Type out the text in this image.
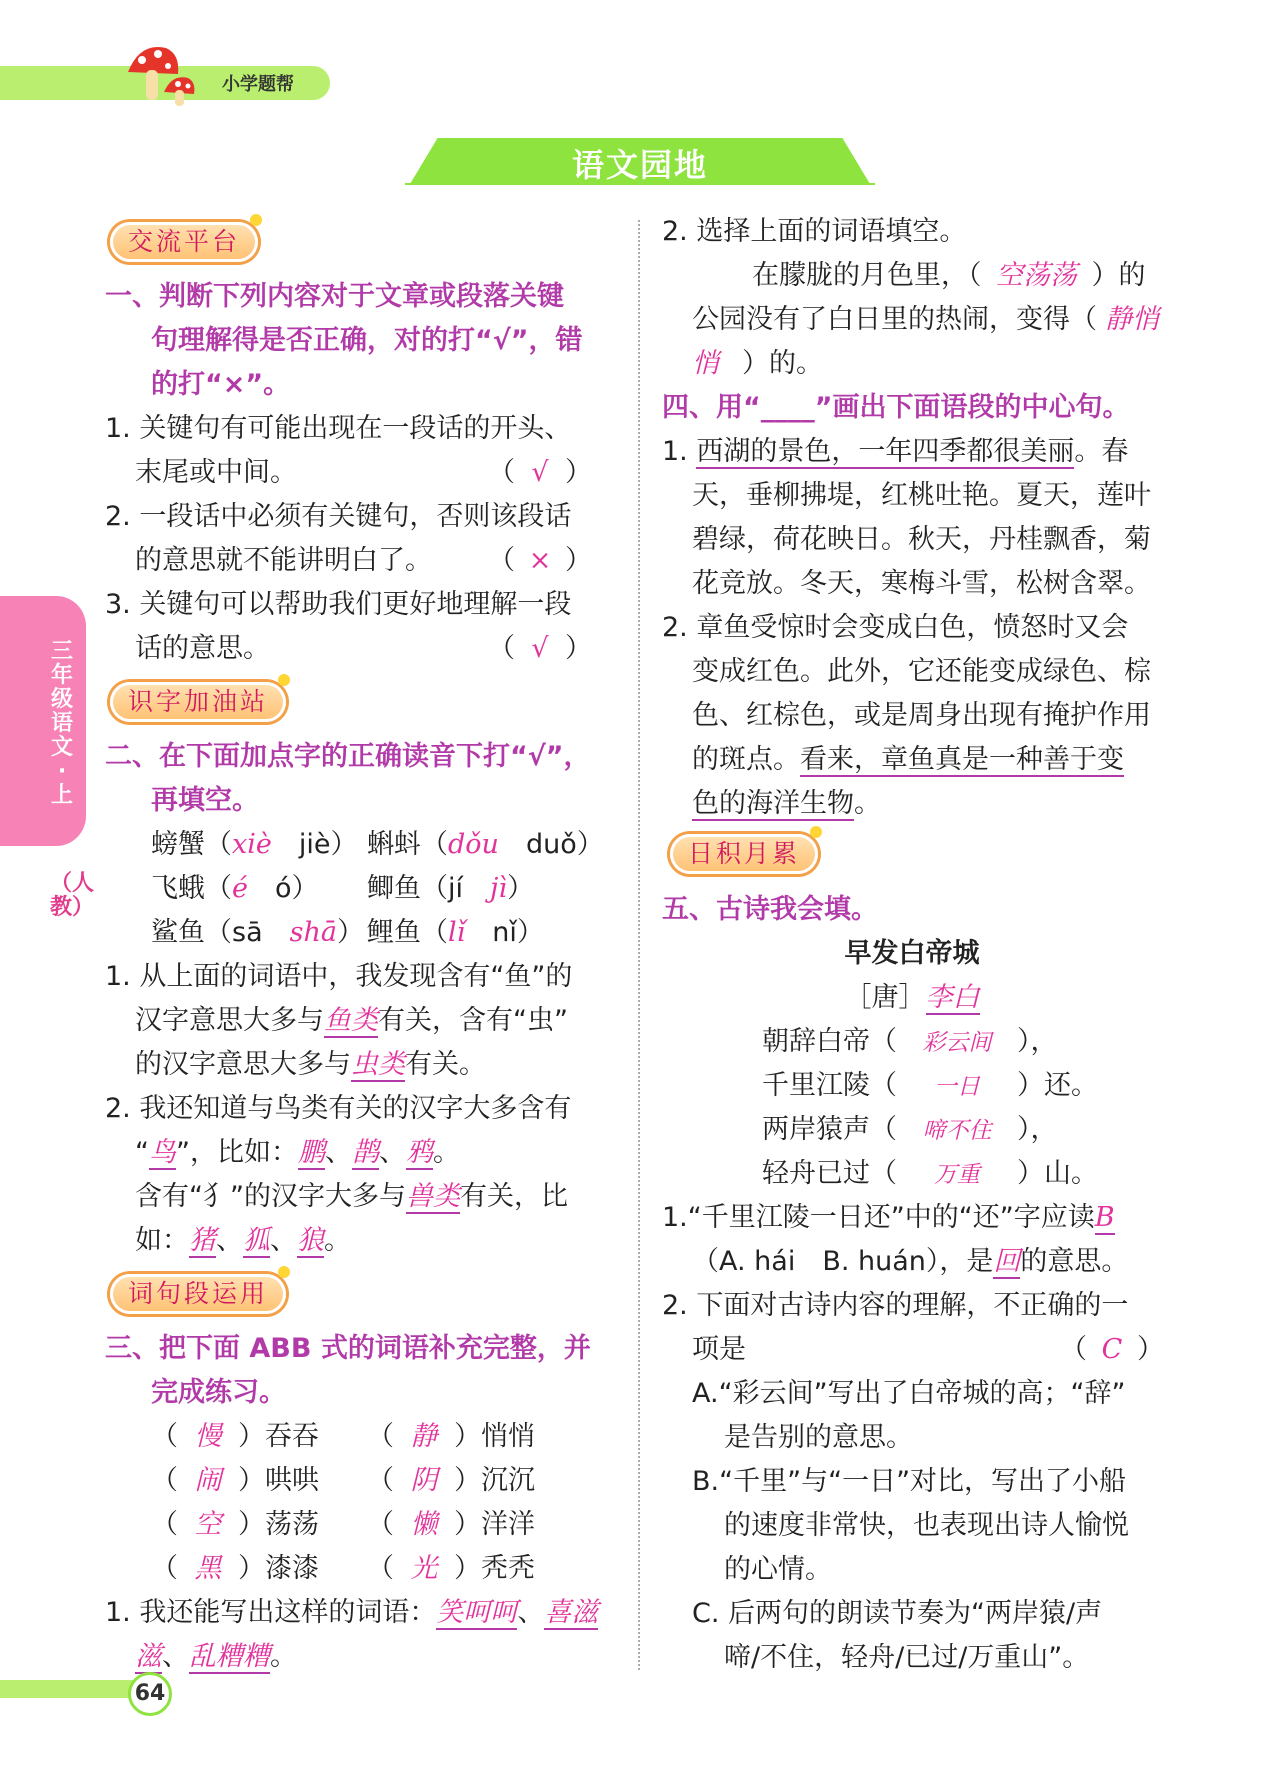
小学题帮
语文园地
三年级语文·上
（人教）
交流平台
一、判断下列内容对于文章或段落关键
句理解得是否正确，对的打“√”，错
的打“×”。
1. 关键句有可能出现在一段话的开头、
末尾或中间。	（ √ ）
2. 一段话中必须有关键句，否则该段话
的意思就不能讲明白了。 （ × ）
3. 关键句可以帮助我们更好地理解一段
话的意思。	（ √ ）
识字加油站
二、在下面加点字的正确读音下打“√”，
再填空。
螃蟹（xiè　 jiè） 蝌蚪（dǒu　 duǒ）
飞蛾（é　 ó） 鲫鱼（jí　 jì）
鲨鱼（sā　 shā） 鲤鱼（lǐ　 nǐ）
1. 从上面的词语中，我发现含有“鱼”的
汉字意思大多与鱼类有关，含有“虫”
的汉字意思大多与虫类有关。
2. 我还知道与鸟类有关的汉字大多含有
“鸟”，比如：鹏、鹊、鸦。
含有“犭”的汉字大多与兽类有关，比
如：猪、狐、狼。
词句段运用
三、把下面 ABB 式的词语补充完整，并
完成练习。
（ 慢 ）吞吞 （ 静 ）悄悄
（ 闹 ）哄哄 （ 阴 ）沉沉
（ 空 ）荡荡 （ 懒 ）洋洋
（ 黑 ）漆漆 （ 光 ）秃秃
1. 我还能写出这样的词语：笑呵呵、喜滋
滋、乱糟糟。
2. 选择上面的词语填空。
在朦胧的月色里，（ 空荡荡 ）的
公园没有了白日里的热闹，变得（ 静悄
悄 ）的。
四、用“____”画出下面语段的中心句。
1. 西湖的景色，一年四季都很美丽。春
天，垂柳拂堤，红桃吐艳。夏天，莲叶
碧绿，荷花映日。秋天，丹桂飘香，菊
花竞放。冬天，寒梅斗雪，松树含翠。
2. 章鱼受惊时会变成白色，愤怒时又会
变成红色。此外，它还能变成绿色、棕
色、红棕色，或是周身出现有掩护作用
的斑点。看来，章鱼真是一种善于变
色的海洋生物。
日积月累
五、古诗我会填。
早发白帝城
［唐］李白
朝辞白帝（ 彩云间 ），
千里江陵（ 一日 ）还。
两岸猿声（ 啼不住 ），
轻舟已过（ 万重 ）山。
1.“千里江陵一日还”中的“还”字应读B
（A. hái　B. huán），是回的意思。
2. 下面对古诗内容的理解，不正确的一
项是	（ C ）
A.“彩云间”写出了白帝城的高；“辞”
是告别的意思。
B.“千里”与“一日”对比，写出了小船
的速度非常快，也表现出诗人愉悦
的心情。
C. 后两句的朗读节奏为“两岸猿/声
啼/不住，轻舟/已过/万重山”。
64
